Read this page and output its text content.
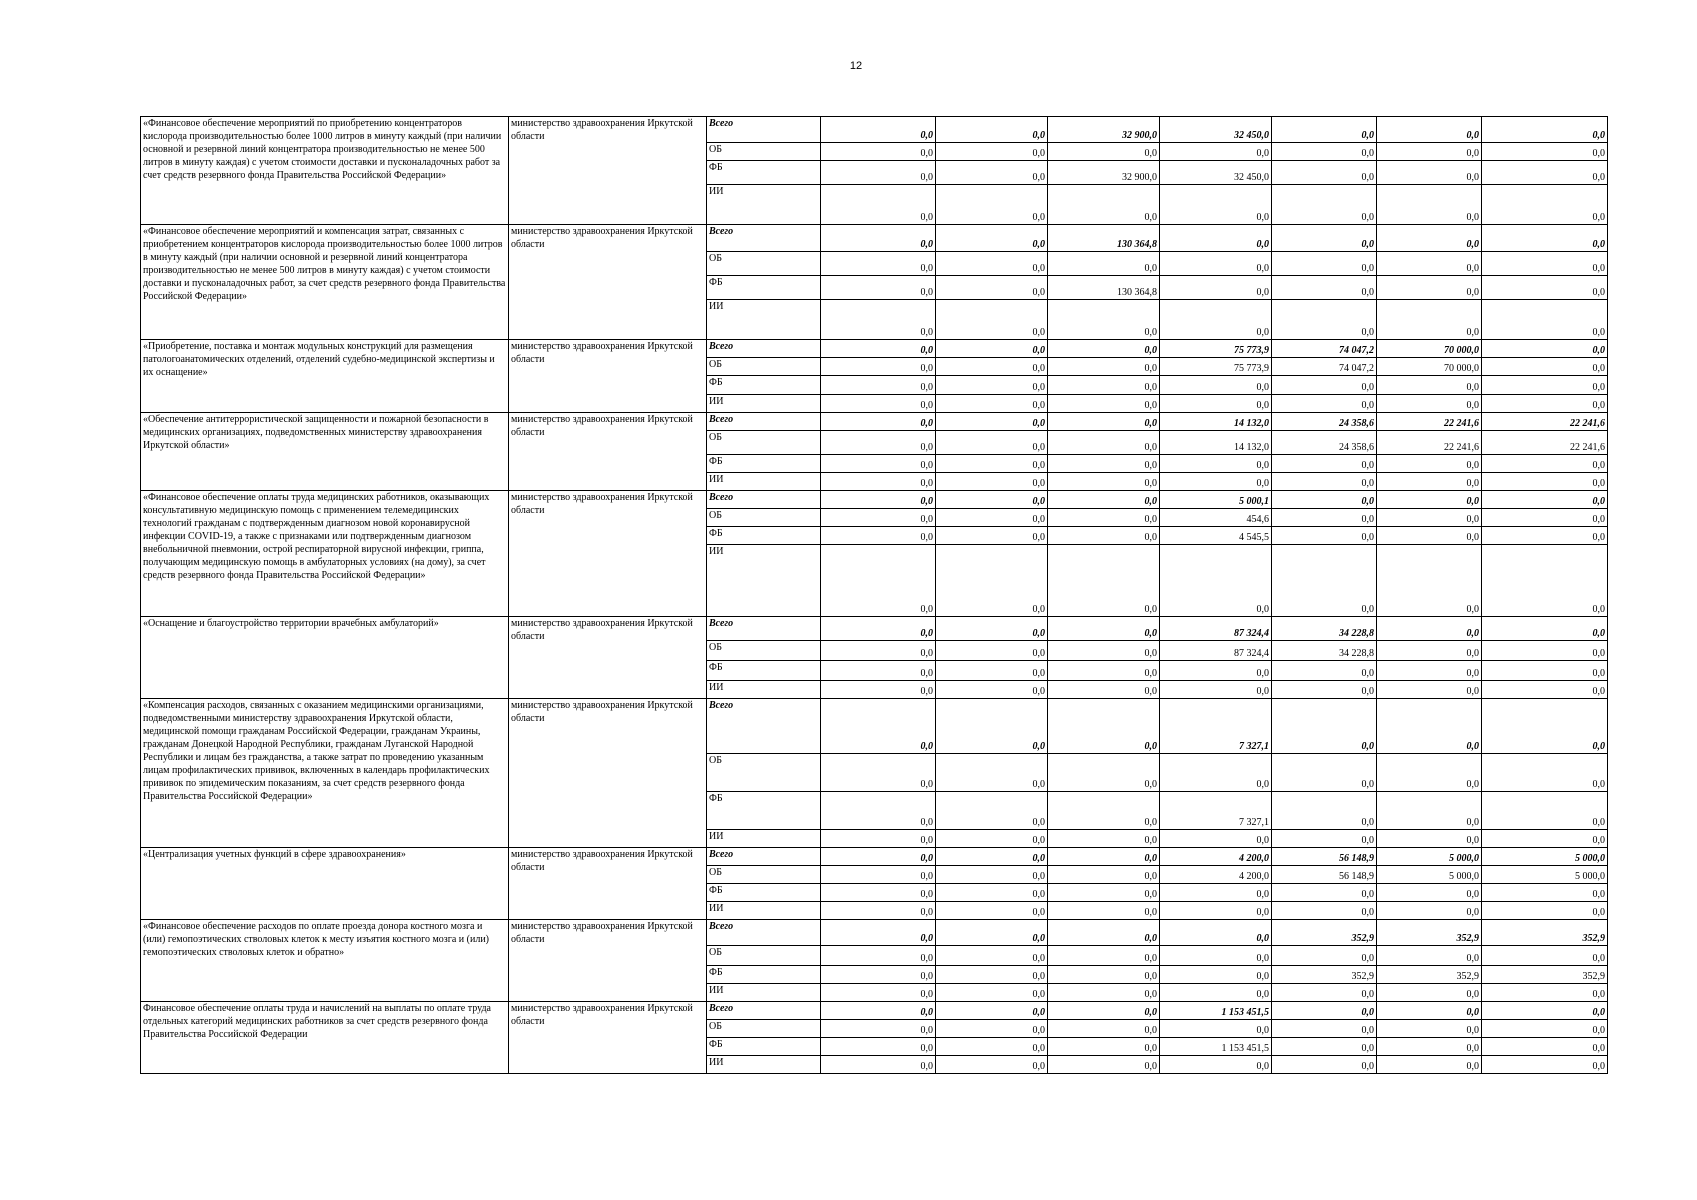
12
«Финансовое обеспечение мероприятий по приобретению концентраторов кислорода производительностью более 1000 литров в минуту каждый (при наличии основной и резервной линий концентратора производительностью не менее 500 литров в минуту каждая) с учетом стоимости доставки и пусконаладочных работ за счет средств резервного фонда Правительства Российской Федерации»	министерство здравоохранения Иркутской области	Всего	0,0	0,0	32 900,0	32 450,0	0,0	0,0	0,0
		ОБ	0,0	0,0	0,0	0,0	0,0	0,0	0,0
		ФБ	0,0	0,0	32 900,0	32 450,0	0,0	0,0	0,0
		ИИ	0,0	0,0	0,0	0,0	0,0	0,0	0,0
«Финансовое обеспечение мероприятий и компенсация затрат, связанных с приобретением концентраторов кислорода производительностью более 1000 литров в минуту каждый (при наличии основной и резервной линий концентратора производительностью не менее 500 литров в минуту каждая) с учетом стоимости доставки и пусконаладочных работ, за счет средств резервного фонда Правительства Российской Федерации»	министерство здравоохранения Иркутской области	Всего	0,0	0,0	130 364,8	0,0	0,0	0,0	0,0
		ОБ	0,0	0,0	0,0	0,0	0,0	0,0	0,0
		ФБ	0,0	0,0	130 364,8	0,0	0,0	0,0	0,0
		ИИ	0,0	0,0	0,0	0,0	0,0	0,0	0,0
«Приобретение, поставка и монтаж модульных конструкций для размещения патологоанатомических отделений, отделений судебно-медицинской экспертизы и их оснащение»	министерство здравоохранения Иркутской области	Всего	0,0	0,0	0,0	75 773,9	74 047,2	70 000,0	0,0
		ОБ	0,0	0,0	0,0	75 773,9	74 047,2	70 000,0	0,0
		ФБ	0,0	0,0	0,0	0,0	0,0	0,0	0,0
		ИИ	0,0	0,0	0,0	0,0	0,0	0,0	0,0
«Обеспечение антитеррористической защищенности и пожарной безопасности в медицинских организациях, подведомственных министерству здравоохранения Иркутской области»	министерство здравоохранения Иркутской области	Всего	0,0	0,0	0,0	14 132,0	24 358,6	22 241,6	22 241,6
		ОБ	0,0	0,0	0,0	14 132,0	24 358,6	22 241,6	22 241,6
		ФБ	0,0	0,0	0,0	0,0	0,0	0,0	0,0
		ИИ	0,0	0,0	0,0	0,0	0,0	0,0	0,0
«Финансовое обеспечение оплаты труда медицинских работников, оказывающих консультативную медицинскую помощь с применением телемедицинских технологий гражданам с подтвержденным диагнозом новой коронавирусной инфекции COVID-19, а также с признаками или подтвержденным диагнозом внебольничной пневмонии, острой респираторной вирусной инфекции, гриппа, получающим медицинскую помощь в амбулаторных условиях (на дому), за счет средств резервного фонда Правительства Российской Федерации»	министерство здравоохранения Иркутской области	Всего	0,0	0,0	0,0	5 000,1	0,0	0,0	0,0
		ОБ	0,0	0,0	0,0	454,6	0,0	0,0	0,0
		ФБ	0,0	0,0	0,0	4 545,5	0,0	0,0	0,0
		ИИ	0,0	0,0	0,0	0,0	0,0	0,0	0,0
«Оснащение и благоустройство территории врачебных амбулаторий»	министерство здравоохранения Иркутской области	Всего	0,0	0,0	0,0	87 324,4	34 228,8	0,0	0,0
		ОБ	0,0	0,0	0,0	87 324,4	34 228,8	0,0	0,0
		ФБ	0,0	0,0	0,0	0,0	0,0	0,0	0,0
		ИИ	0,0	0,0	0,0	0,0	0,0	0,0	0,0
«Компенсация расходов, связанных с оказанием медицинскими организациями, подведомственными министерству здравоохранения Иркутской области, медицинской помощи гражданам Российской Федерации, гражданам Украины, гражданам Донецкой Народной Республики, гражданам Луганской Народной Республики и лицам без гражданства, а также затрат по проведению указанным лицам профилактических прививок, включенных в календарь профилактических прививок по эпидемическим показаниям, за счет средств резервного фонда Правительства Российской Федерации»	министерство здравоохранения Иркутской области	Всего	0,0	0,0	0,0	7 327,1	0,0	0,0	0,0
		ОБ	0,0	0,0	0,0	0,0	0,0	0,0	0,0
		ФБ	0,0	0,0	0,0	7 327,1	0,0	0,0	0,0
		ИИ	0,0	0,0	0,0	0,0	0,0	0,0	0,0
«Централизация учетных функций в сфере здравоохранения»	министерство здравоохранения Иркутской области	Всего	0,0	0,0	0,0	4 200,0	56 148,9	5 000,0	5 000,0
		ОБ	0,0	0,0	0,0	4 200,0	56 148,9	5 000,0	5 000,0
		ФБ	0,0	0,0	0,0	0,0	0,0	0,0	0,0
		ИИ	0,0	0,0	0,0	0,0	0,0	0,0	0,0
«Финансовое обеспечение расходов по оплате проезда донора костного мозга и (или) гемопоэтических стволовых клеток к месту изъятия костного мозга и (или) гемопоэтических стволовых клеток и обратно»	министерство здравоохранения Иркутской области	Всего	0,0	0,0	0,0	0,0	352,9	352,9	352,9
		ОБ	0,0	0,0	0,0	0,0	0,0	0,0	0,0
		ФБ	0,0	0,0	0,0	0,0	352,9	352,9	352,9
		ИИ	0,0	0,0	0,0	0,0	0,0	0,0	0,0
Финансовое обеспечение оплаты труда и начислений на выплаты по оплате труда отдельных категорий медицинских работников за счет средств резервного фонда Правительства Российской Федерации	министерство здравоохранения Иркутской области	Всего	0,0	0,0	0,0	1 153 451,5	0,0	0,0	0,0
		ОБ	0,0	0,0	0,0	0,0	0,0	0,0	0,0
		ФБ	0,0	0,0	0,0	1 153 451,5	0,0	0,0	0,0
		ИИ	0,0	0,0	0,0	0,0	0,0	0,0	0,0
